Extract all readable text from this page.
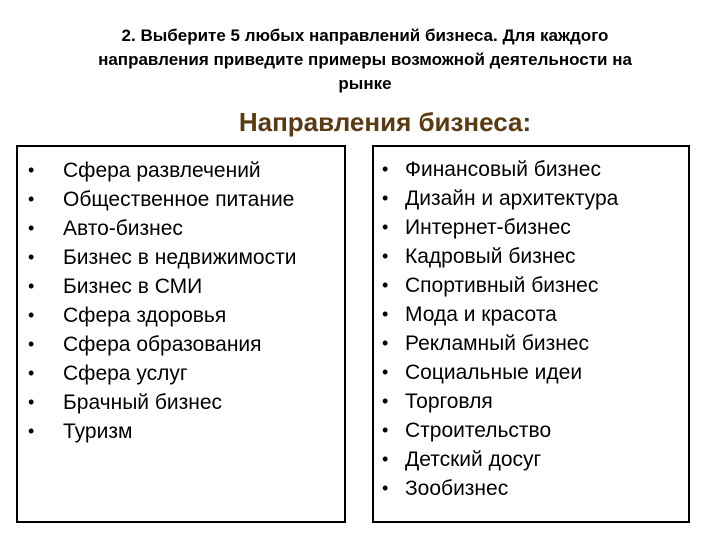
2. Выберите 5 любых направлений бизнеса. Для каждого
направления приведите примеры возможной деятельности на
рынке

Направления бизнеса:
• Сфера развлечений
• Общественное питание
• Авто-бизнес
• Бизнес в недвижимости
• Бизнес в СМИ
• Сфера здоровья
• Сфера образования
• Сфера услуг
• Брачный бизнес
• Туризм
• Финансовый бизнес
• Дизайн и архитектура
• Интернет-бизнес
• Кадровый бизнес
• Спортивный бизнес
• Мода и красота
• Рекламный бизнес
• Социальные идеи
• Торговля
• Строительство
• Детский досуг
• Зообизнес
